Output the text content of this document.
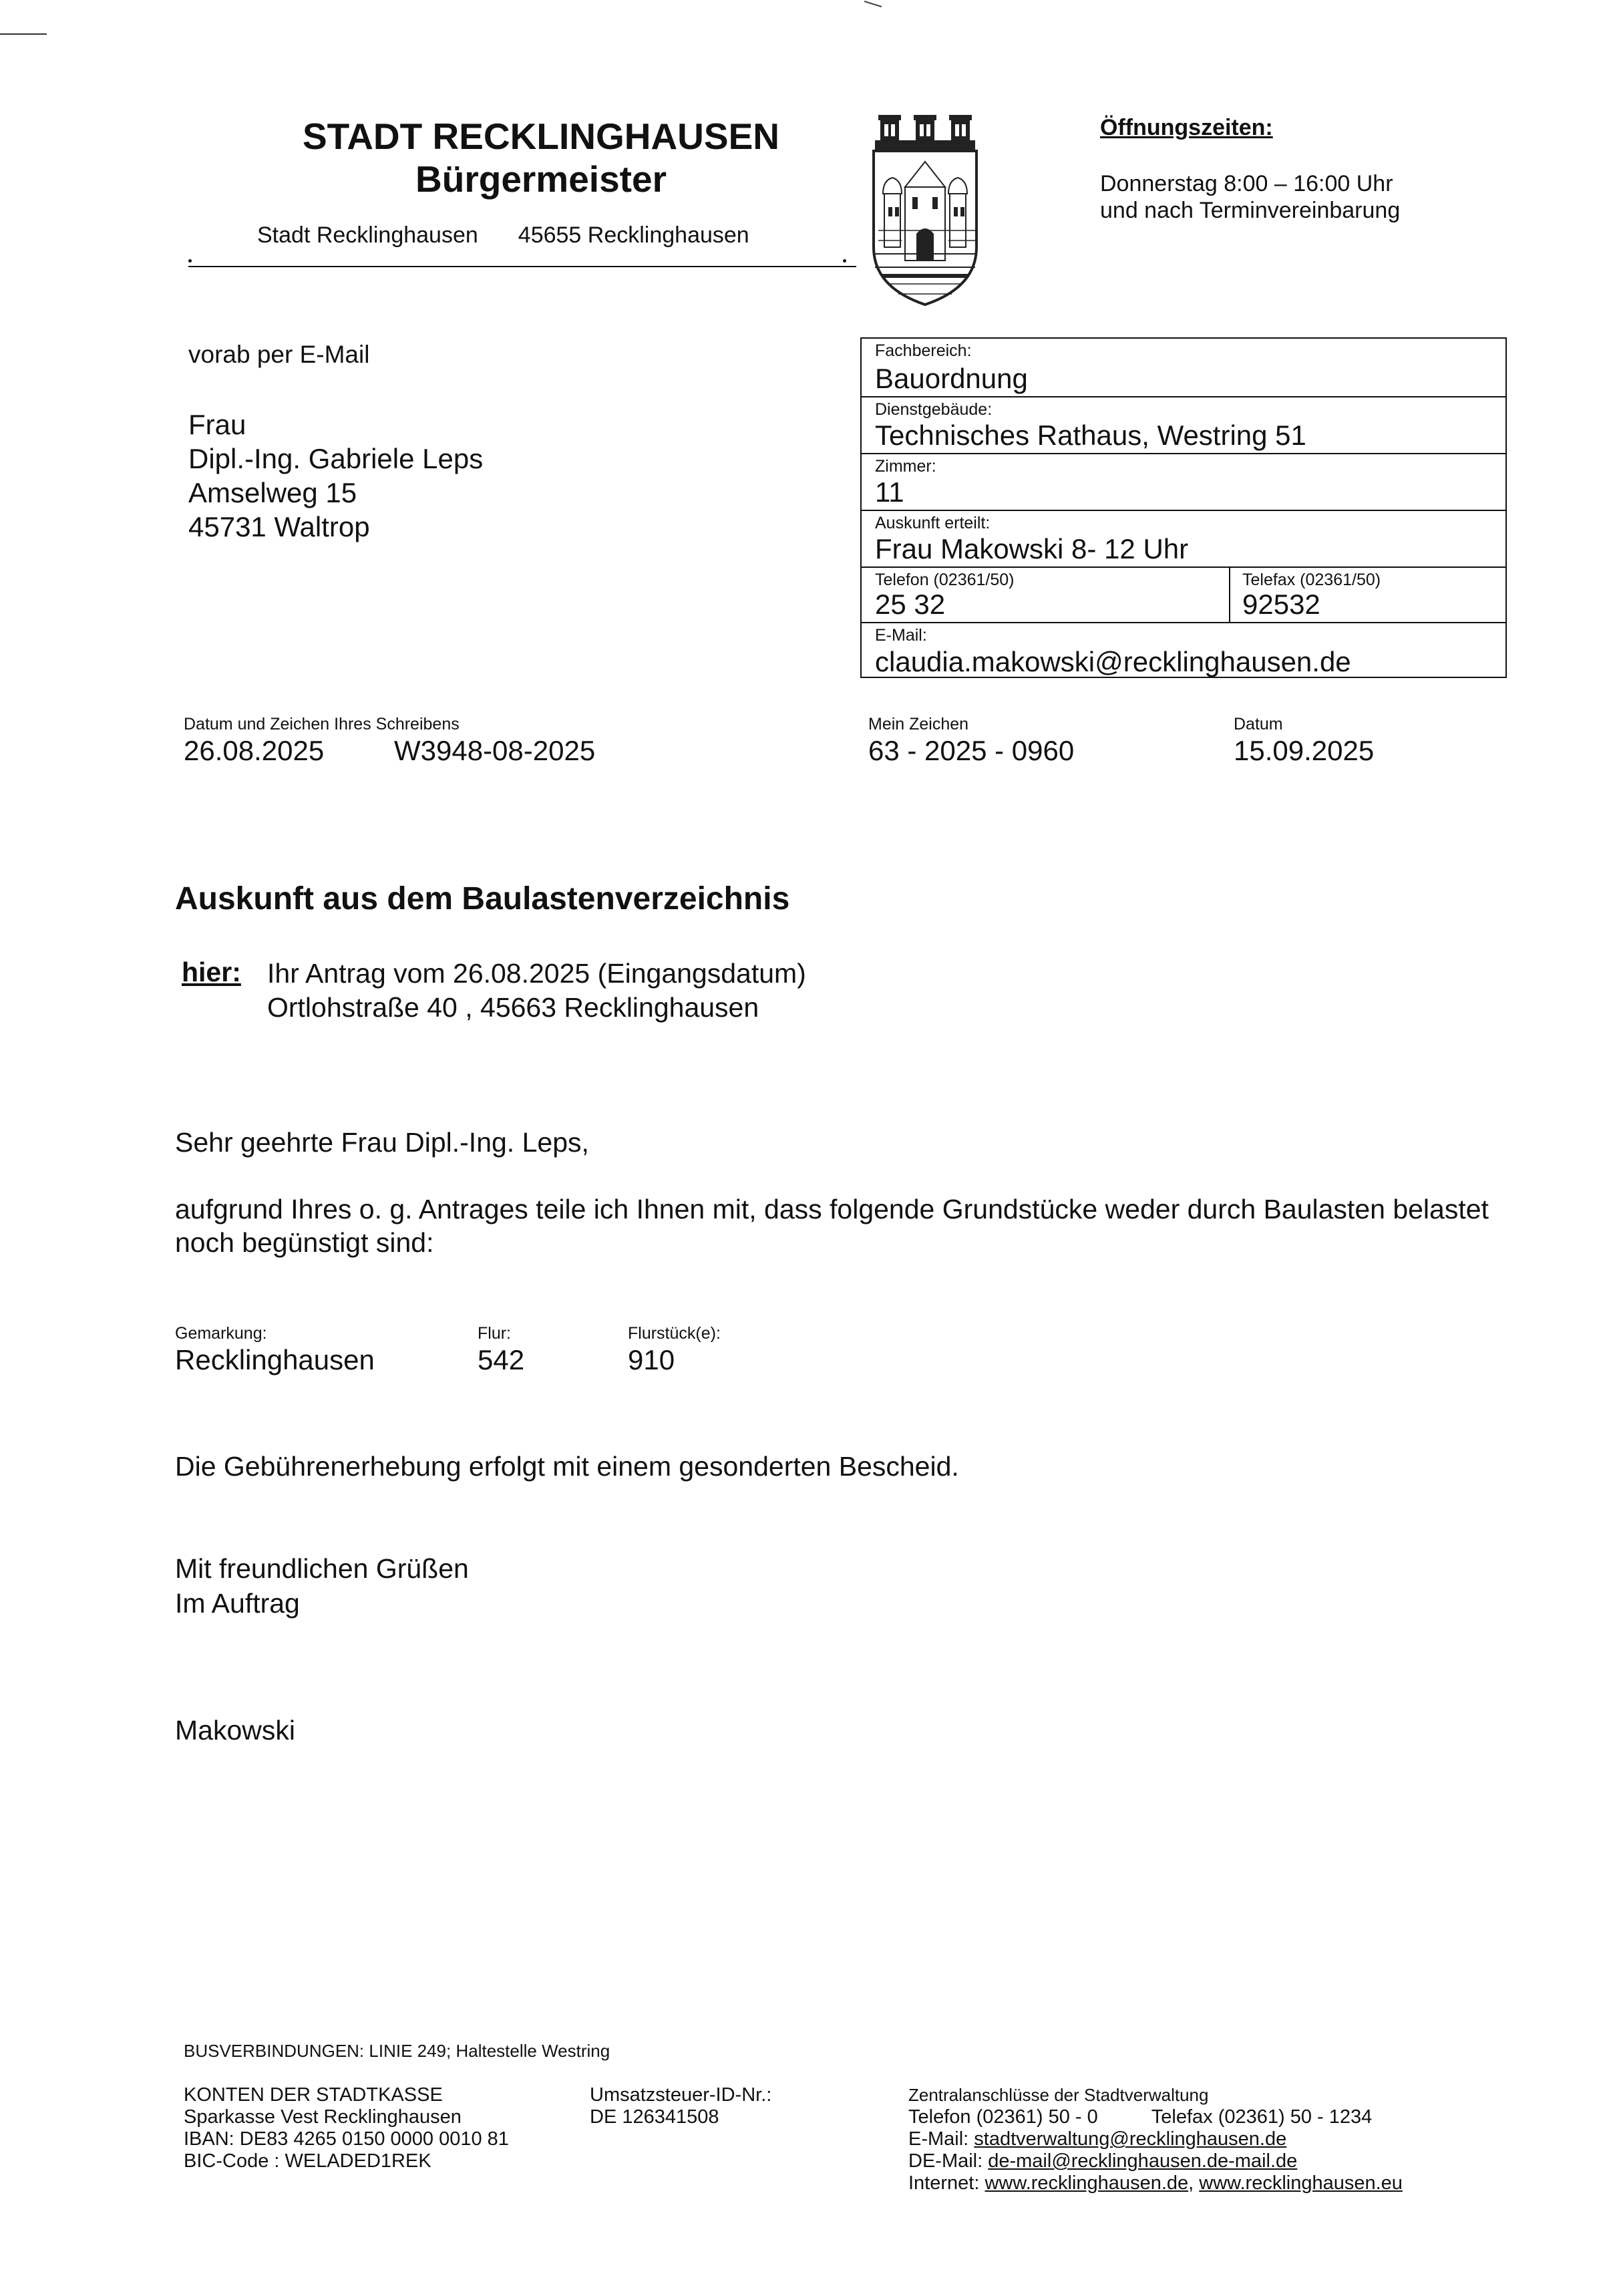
STADT RECKLINGHAUSEN
Bürgermeister
Stadt Recklinghausen 45655 Recklinghausen
Öffnungszeiten:
Donnerstag 8:00 – 16:00 Uhr
und nach Terminvereinbarung
vorab per E-Mail
Frau
Dipl.-Ing. Gabriele Leps
Amselweg 15
45731 Waltrop
Fachbereich:
Bauordnung
Dienstgebäude:
Technisches Rathaus, Westring 51
Zimmer:
11
Auskunft erteilt:
Frau Makowski 8- 12 Uhr
Telefon (02361/50)
25 32
Telefax (02361/50)
92532
E-Mail:
claudia.makowski@recklinghausen.de
Datum und Zeichen Ihres Schreibens
26.08.2025 W3948-08-2025
Mein Zeichen
63 - 2025 - 0960
Datum
15.09.2025
Auskunft aus dem Baulastenverzeichnis
hier: Ihr Antrag vom 26.08.2025 (Eingangsdatum)
Ortlohstraße 40 , 45663 Recklinghausen
Sehr geehrte Frau Dipl.-Ing. Leps,
aufgrund Ihres o. g. Antrages teile ich Ihnen mit, dass folgende Grundstücke weder durch Baulasten belastet noch begünstigt sind:
Gemarkung:
Recklinghausen
Flur:
542
Flurstück(e):
910
Die Gebührenerhebung erfolgt mit einem gesonderten Bescheid.
Mit freundlichen Grüßen
Im Auftrag
Makowski
BUSVERBINDUNGEN: LINIE 249; Haltestelle Westring
KONTEN DER STADTKASSE
Sparkasse Vest Recklinghausen
IBAN: DE83 4265 0150 0000 0010 81
BIC-Code : WELADED1REK
Umsatzsteuer-ID-Nr.:
DE 126341508
Zentralanschlüsse der Stadtverwaltung
Telefon (02361) 50 - 0	Telefax (02361) 50 - 1234
E-Mail: stadtverwaltung@recklinghausen.de
DE-Mail: de-mail@recklinghausen.de-mail.de
Internet: www.recklinghausen.de, www.recklinghausen.eu
